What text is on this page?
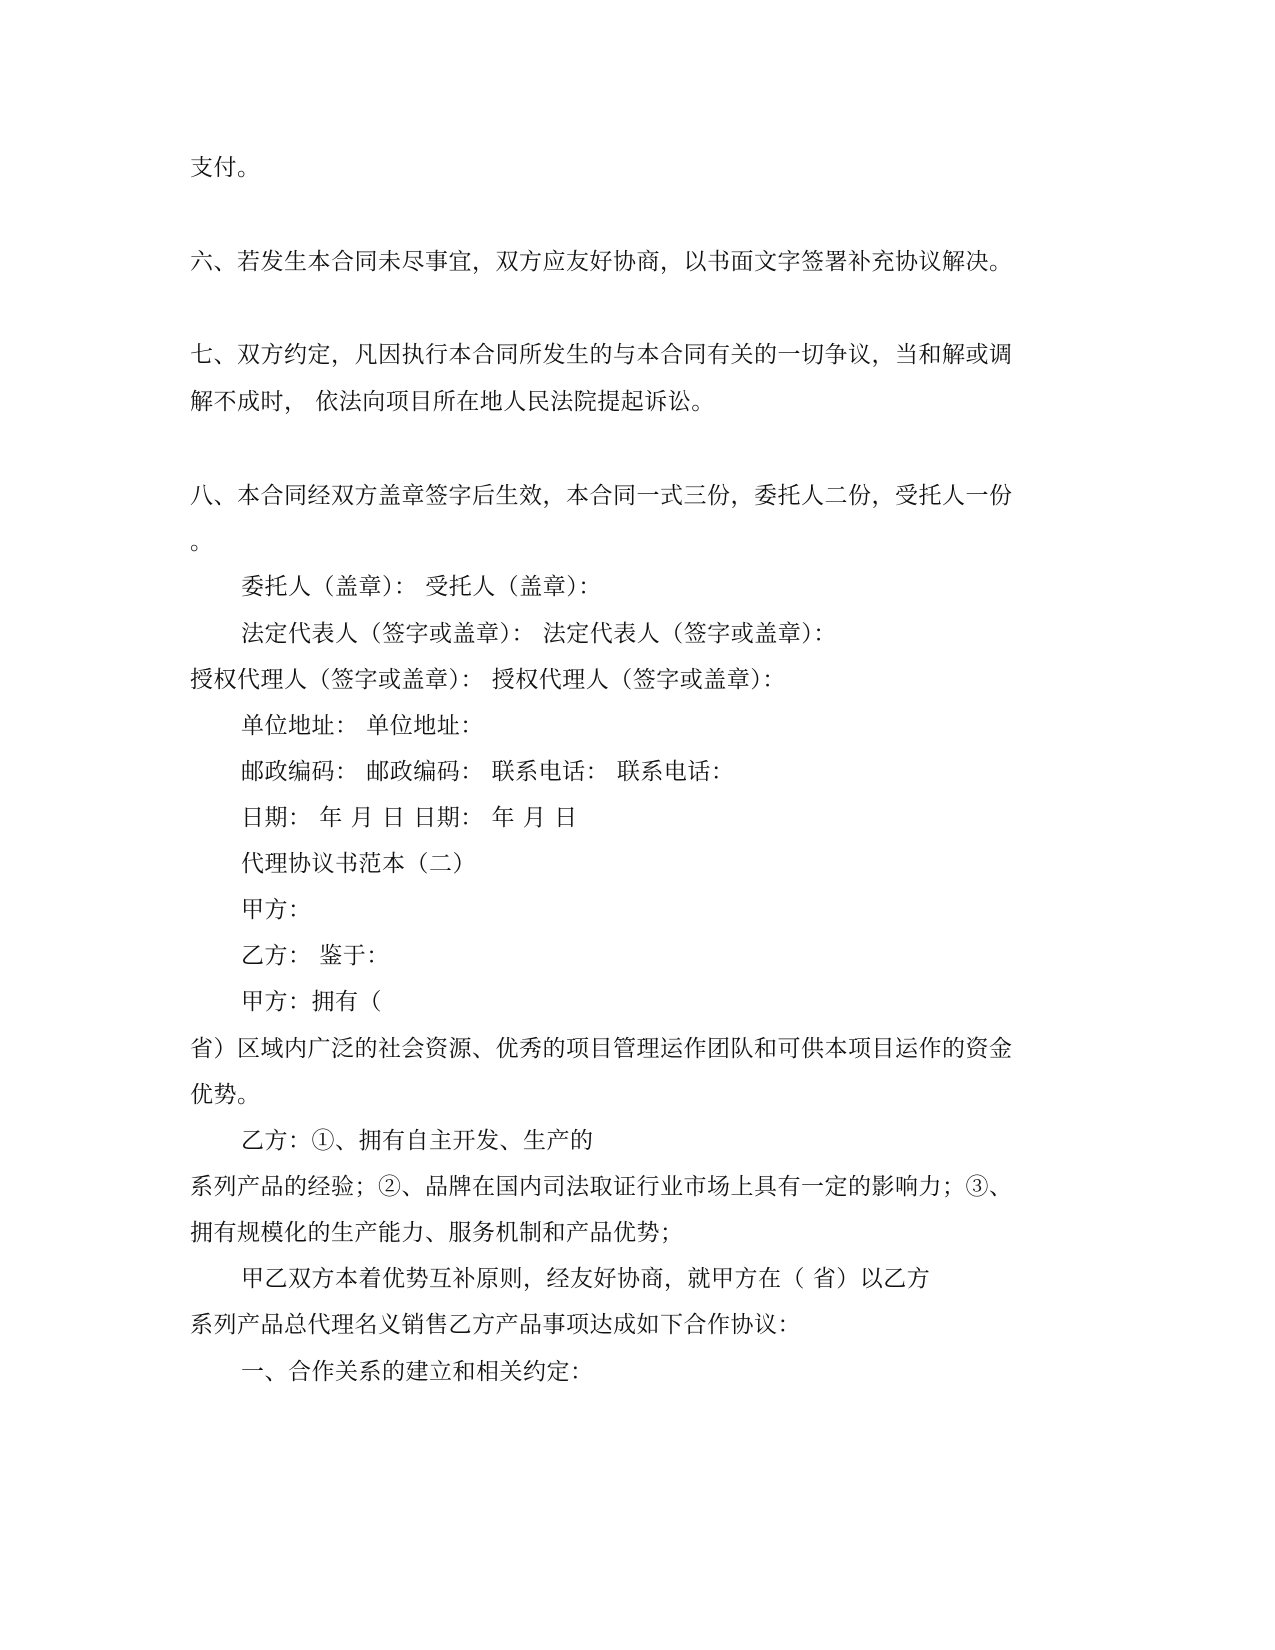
支付。
六、若发生本合同未尽事宜，双方应友好协商，以书面文字签署补充协议解决。
七、双方约定，凡因执行本合同所发生的与本合同有关的一切争议，当和解或调
解不成时， 依法向项目所在地人民法院提起诉讼。
八、本合同经双方盖章签字后生效，本合同一式三份，委托人二份，受托人一份
。
委托人（盖章）： 受托人（盖章）：
法定代表人（签字或盖章）： 法定代表人（签字或盖章）：
授权代理人（签字或盖章）： 授权代理人（签字或盖章）：
单位地址： 单位地址：
邮政编码： 邮政编码： 联系电话： 联系电话：
日期： 年 月 日 日期： 年 月 日
代理协议书范本（二）
甲方：
乙方： 鉴于：
甲方：拥有（
省）区域内广泛的社会资源、优秀的项目管理运作团队和可供本项目运作的资金
优势。
乙方：①、拥有自主开发、生产的
系列产品的经验；②、品牌在国内司法取证行业市场上具有一定的影响力；③、
拥有规模化的生产能力、服务机制和产品优势；
甲乙双方本着优势互补原则，经友好协商，就甲方在（ 省）以乙方
系列产品总代理名义销售乙方产品事项达成如下合作协议：
一、合作关系的建立和相关约定：
